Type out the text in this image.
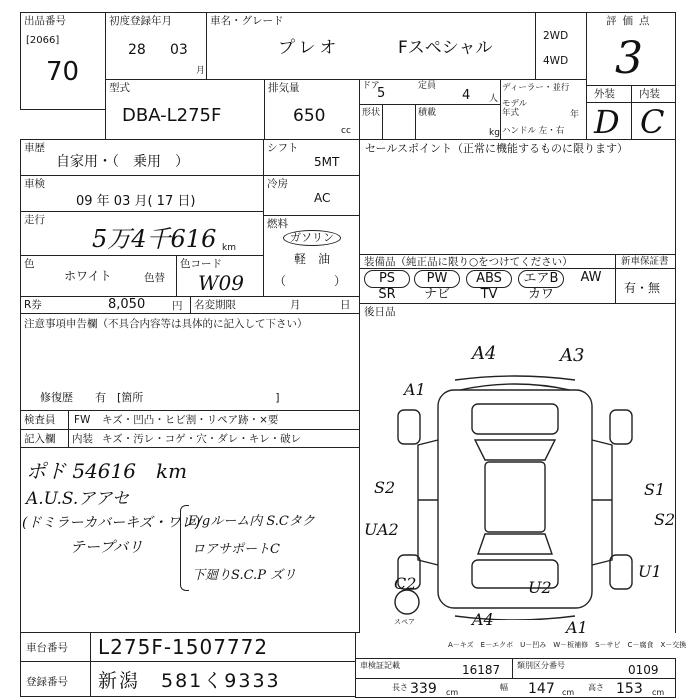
出品番号
[2066]
70
初度登録年月
28 03
月
車名・グレード
プレオ	Fスペシャル
2WD
4WD
評価点
3
型式
DBA-L275F
排気量
650
cc
ドア
5	定員
4 人
形状	積載
kg
ディーラー・並行
モデル年式	年
ハンドル 左・右
外装 内装
D C
車歴
自家用・（　乗用　）
シフト
5MT
車検
09 年 03 月( 17 日)
冷房
AC
走行
5万4千616 km
燃料
ガソリン
軽　油
（　　　　）
色
ホワイト	色替
色コード
W09
R券	8,050	円 名変期限	月	日
注意事項申告欄（不具合内容等は具体的に記入して下さい）
修復歴　　有　[箇所　　　　　　　　　　　　]
検査員
記入欄
FW キズ・凹凸・ヒビ割・リペア跡・×要
内装 キズ・汚レ・コゲ・穴・ダレ・キレ・破レ
ポド 54616　km
A.U.S.アアセ
(ドミラーカバーキズ・ワレ)
テープバリ
E/gルーム内 S.Cタク
ロアサポートC
下廻りS.C.P ズリ
セールスポイント（正常に機能するものに限ります）
装備品（純正品に限り○をつけてください）	新車保証書
有・無
PS	PW	ABS	エアB	AW
SR	ナビ	TV	カワ
後日品
スペア
A4	A3
A1
S2	S1
S2
UA2
U1
C2	U2
A4	A1
A－キズ　E－エクボ　U－凹み　W－板補修　S－サビ　C－腐食　X－交換
車台番号 L275F-1507772
登録番号 新潟　581く9333
車検証記載	16187 類別区分番号	0109
長さ 339 cm
幅 147 cm
高さ 153 cm
